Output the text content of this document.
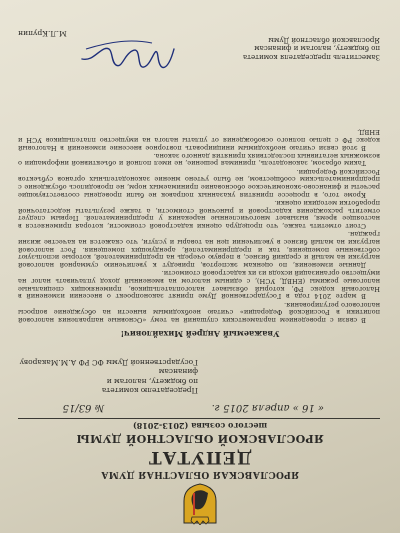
ЯРОСЛАВСКАЯ ОБЛАСТНАЯ ДУМА
ДЕПУТАТ
ЯРОСЛАВСКОЙ ОБЛАСТНОЙ ДУМЫ
шестого созыва (2013-2018)
« 16 » апреля 2015 г.
№ 63/15
Председателю комитета
по бюджету, налогам и
финансам
Государственной Думы ФС РФ А.М.Макарову
Уважаемый Андрей Михайлович!

В связи с проведением парламентских слушаний на тему «Основные направления налоговой политики в Российской Федерации» считаю необходимым вынести на обсуждение вопросы налогового регулирования.

В марте 2014 года в Государственной Думе принят законопроект о внесении изменений в Налоговый кодекс РФ, который обязывает налогоплательщиков, применяющих специальные налоговые режимы (ЕНВД, УСН), с единым налогом на вмененный доход уплачивать налог на имущество организаций исходя из их кадастровой стоимости.

Данные изменения, по оценкам экспертов, приведут к увеличению суммарной налоговой нагрузки на малый и средний бизнес, в первую очередь на предпринимателей, которые используют собственные помещения, так и предпринимателей, арендующих помещения. Рост налоговой нагрузки на малый бизнес в увеличении цен на товары и услуги, что скажется на качестве жизни граждан.

Стоит отметить также, что процедура оценки кадастровой стоимости, которая применяется в настоящее время, вызывает многочисленные нарекания у предпринимателей. Первым следует отметить расхождения кадастровой и рыночной стоимости, а также результаты недостаточной проработки методики оценки.

Кроме того, в процессе принятия указанных поправок не были проведены соответствующие расчеты и финансово-экономическое обоснование принимаемых норм, не проводилось обсуждение с предпринимательским сообществом, не было учтено мнение законодательных органов субъектов Российской Федерации.

Таким образом, законодатель, принимая решение, не имел полной и объективной информации о возможных негативных последствиях принятия данного закона.

В этой связи считаю необходимым инициировать повторное внесение изменений в Налоговый кодекс РФ с целью полного освобождения от уплаты налога на имущество плательщиков УСН и ЕНВД.

Заместитель председателя комитета
по бюджету, налогам и финансам
Ярославской областной Думы
М.Л.Крупин
